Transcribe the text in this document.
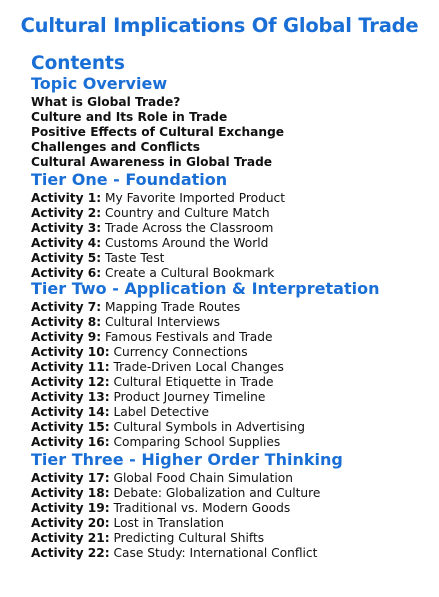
Cultural Implications Of Global Trade
Contents
Topic Overview
What is Global Trade?
Culture and Its Role in Trade
Positive Effects of Cultural Exchange
Challenges and Conflicts
Cultural Awareness in Global Trade
Tier One - Foundation
Activity 1: My Favorite Imported Product
Activity 2: Country and Culture Match
Activity 3: Trade Across the Classroom
Activity 4: Customs Around the World
Activity 5: Taste Test
Activity 6: Create a Cultural Bookmark
Tier Two - Application & Interpretation
Activity 7: Mapping Trade Routes
Activity 8: Cultural Interviews
Activity 9: Famous Festivals and Trade
Activity 10: Currency Connections
Activity 11: Trade-Driven Local Changes
Activity 12: Cultural Etiquette in Trade
Activity 13: Product Journey Timeline
Activity 14: Label Detective
Activity 15: Cultural Symbols in Advertising
Activity 16: Comparing School Supplies
Tier Three - Higher Order Thinking
Activity 17: Global Food Chain Simulation
Activity 18: Debate: Globalization and Culture
Activity 19: Traditional vs. Modern Goods
Activity 20: Lost in Translation
Activity 21: Predicting Cultural Shifts
Activity 22: Case Study: International Conflict
